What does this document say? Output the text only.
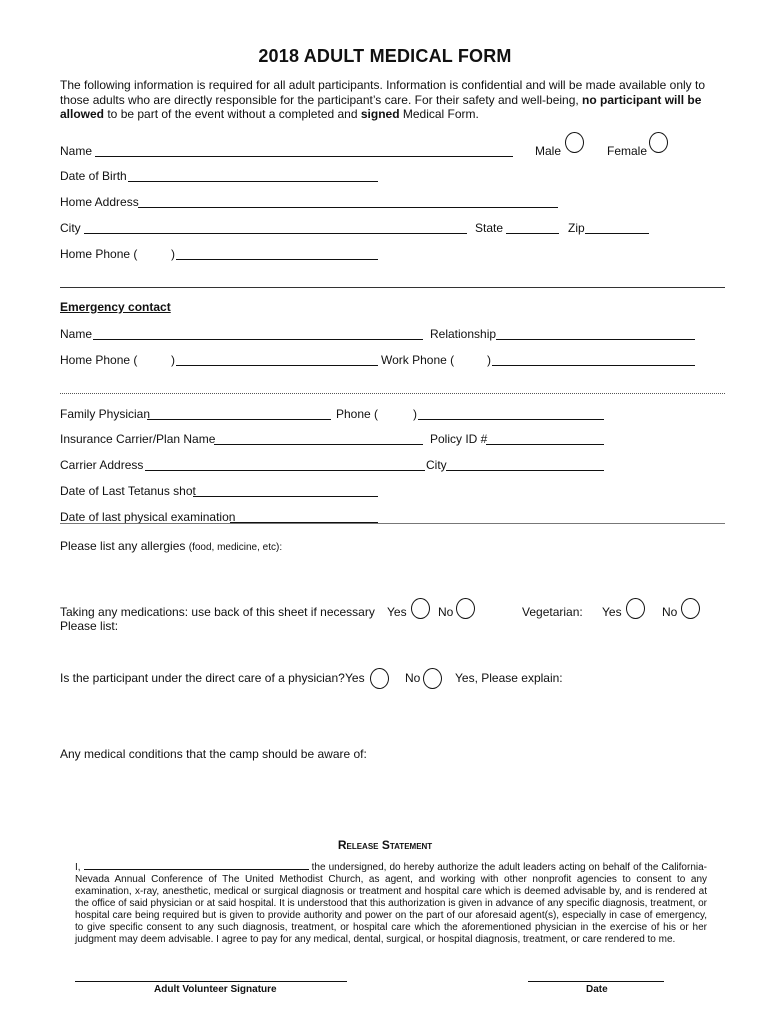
2018 ADULT MEDICAL FORM
The following information is required for all adult participants. Information is confidential and will be made available only to those adults who are directly responsible for the participant’s care. For their safety and well-being, no participant will be allowed to be part of the event without a completed and signed Medical Form.
Name	Male	Female
Date of Birth
Home Address
City	State	Zip
Home Phone (	)
Emergency contact
Name	Relationship
Home Phone (	)	Work Phone (	)
Family Physician	Phone (	)
Insurance Carrier/Plan Name	Policy ID #
Carrier Address	City
Date of Last Tetanus shot
Date of last physical examination
Please list any allergies (food, medicine, etc):
Taking any medications: use back of this sheet if necessary
Please list:
Yes	No	Vegetarian: Yes	No
Is the participant under the direct care of a physician? Yes	No	Yes, Please explain:
Any medical conditions that the camp should be aware of:
Release Statement
I,	the undersigned, do hereby authorize the adult leaders acting on behalf of the California-Nevada Annual Conference of The United Methodist Church, as agent, and working with other nonprofit agencies to consent to any examination, x-ray, anesthetic, medical or surgical diagnosis or treatment and hospital care which is deemed advisable by, and is rendered at the office of said physician or at said hospital. It is understood that this authorization is given in advance of any specific diagnosis, treatment, or hospital care being required but is given to provide authority and power on the part of our aforesaid agent(s), especially in case of emergency, to give specific consent to any such diagnosis, treatment, or hospital care which the aforementioned physician in the exercise of his or her judgment may deem advisable. I agree to pay for any medical, dental, surgical, or hospital diagnosis, treatment, or care rendered to me.
Adult Volunteer Signature	Date
